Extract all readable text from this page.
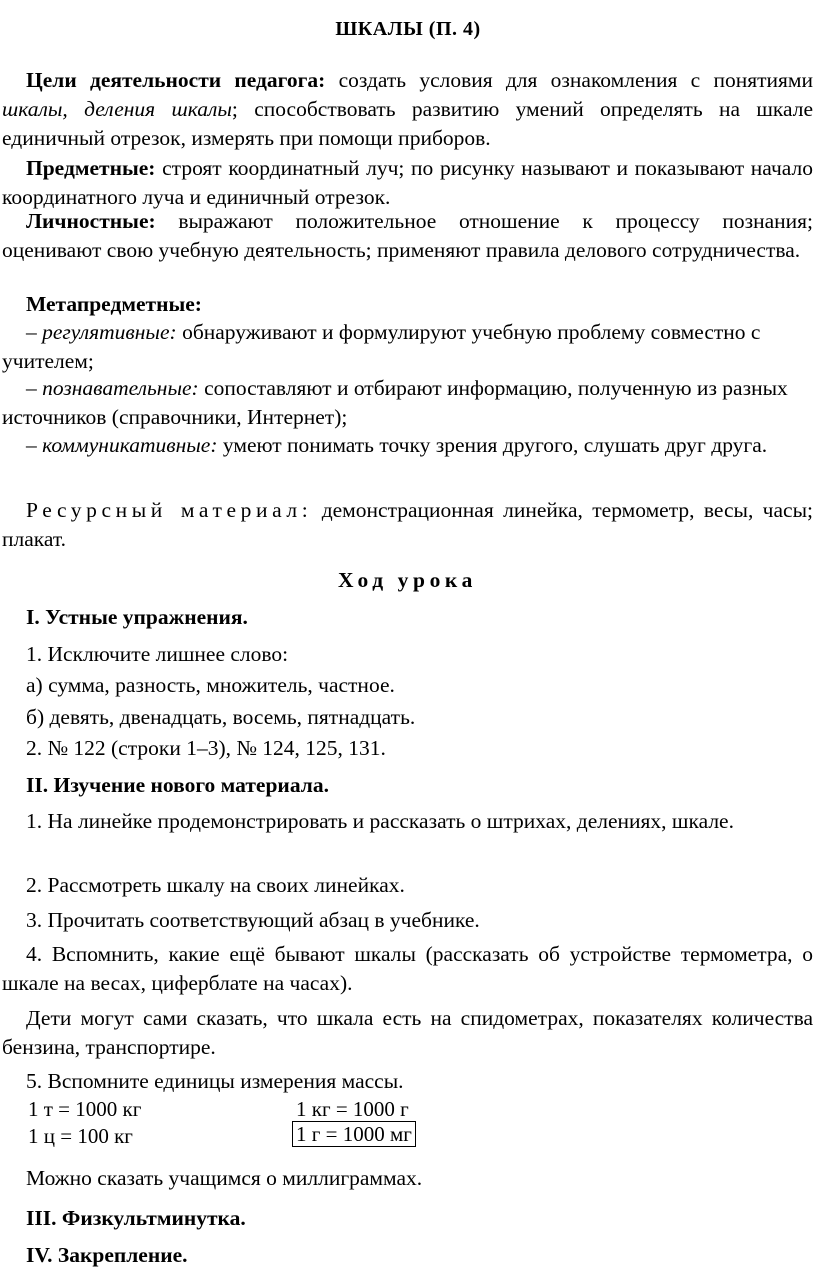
ШКАЛЫ (П. 4)

Цели деятельности педагога: создать условия для ознакомления с понятиями шкалы, деления шкалы; способствовать развитию умений определять на шкале единичный отрезок, измерять при помощи приборов.

Предметные: строят координатный луч; по рисунку называют и показывают начало координатного луча и единичный отрезок.

Личностные: выражают положительное отношение к процессу познания; оценивают свою учебную деятельность; применяют правила делового сотрудничества.

Метапредметные:

– регулятивные: обнаруживают и формулируют учебную проблему совместно с учителем;

– познавательные: сопоставляют и отбирают информацию, полученную из разных источников (справочники, Интернет);

– коммуникативные: умеют понимать точку зрения другого, слушать друг друга.

Ресурсный материал: демонстрационная линейка, термометр, весы, часы; плакат.

Ход урока

I. Устные упражнения.

1. Исключите лишнее слово:

а) сумма, разность, множитель, частное.

б) девять, двенадцать, восемь, пятнадцать.

2. № 122 (строки 1–3), № 124, 125, 131.

II. Изучение нового материала.

1. На линейке продемонстрировать и рассказать о штрихах, делениях, шкале.

2. Рассмотреть шкалу на своих линейках.

3. Прочитать соответствующий абзац в учебнике.

4. Вспомнить, какие ещё бывают шкалы (рассказать об устройстве термометра, о шкале на весах, циферблате на часах).

Дети могут сами сказать, что шкала есть на спидометрах, показателях количества бензина, транспортире.

5. Вспомните единицы измерения массы.

1 т = 1000 кг	1 кг = 1000 г
1 ц = 100 кг	1 г = 1000 мг

Можно сказать учащимся о миллиграммах.

III. Физкультминутка.

IV. Закрепление.
